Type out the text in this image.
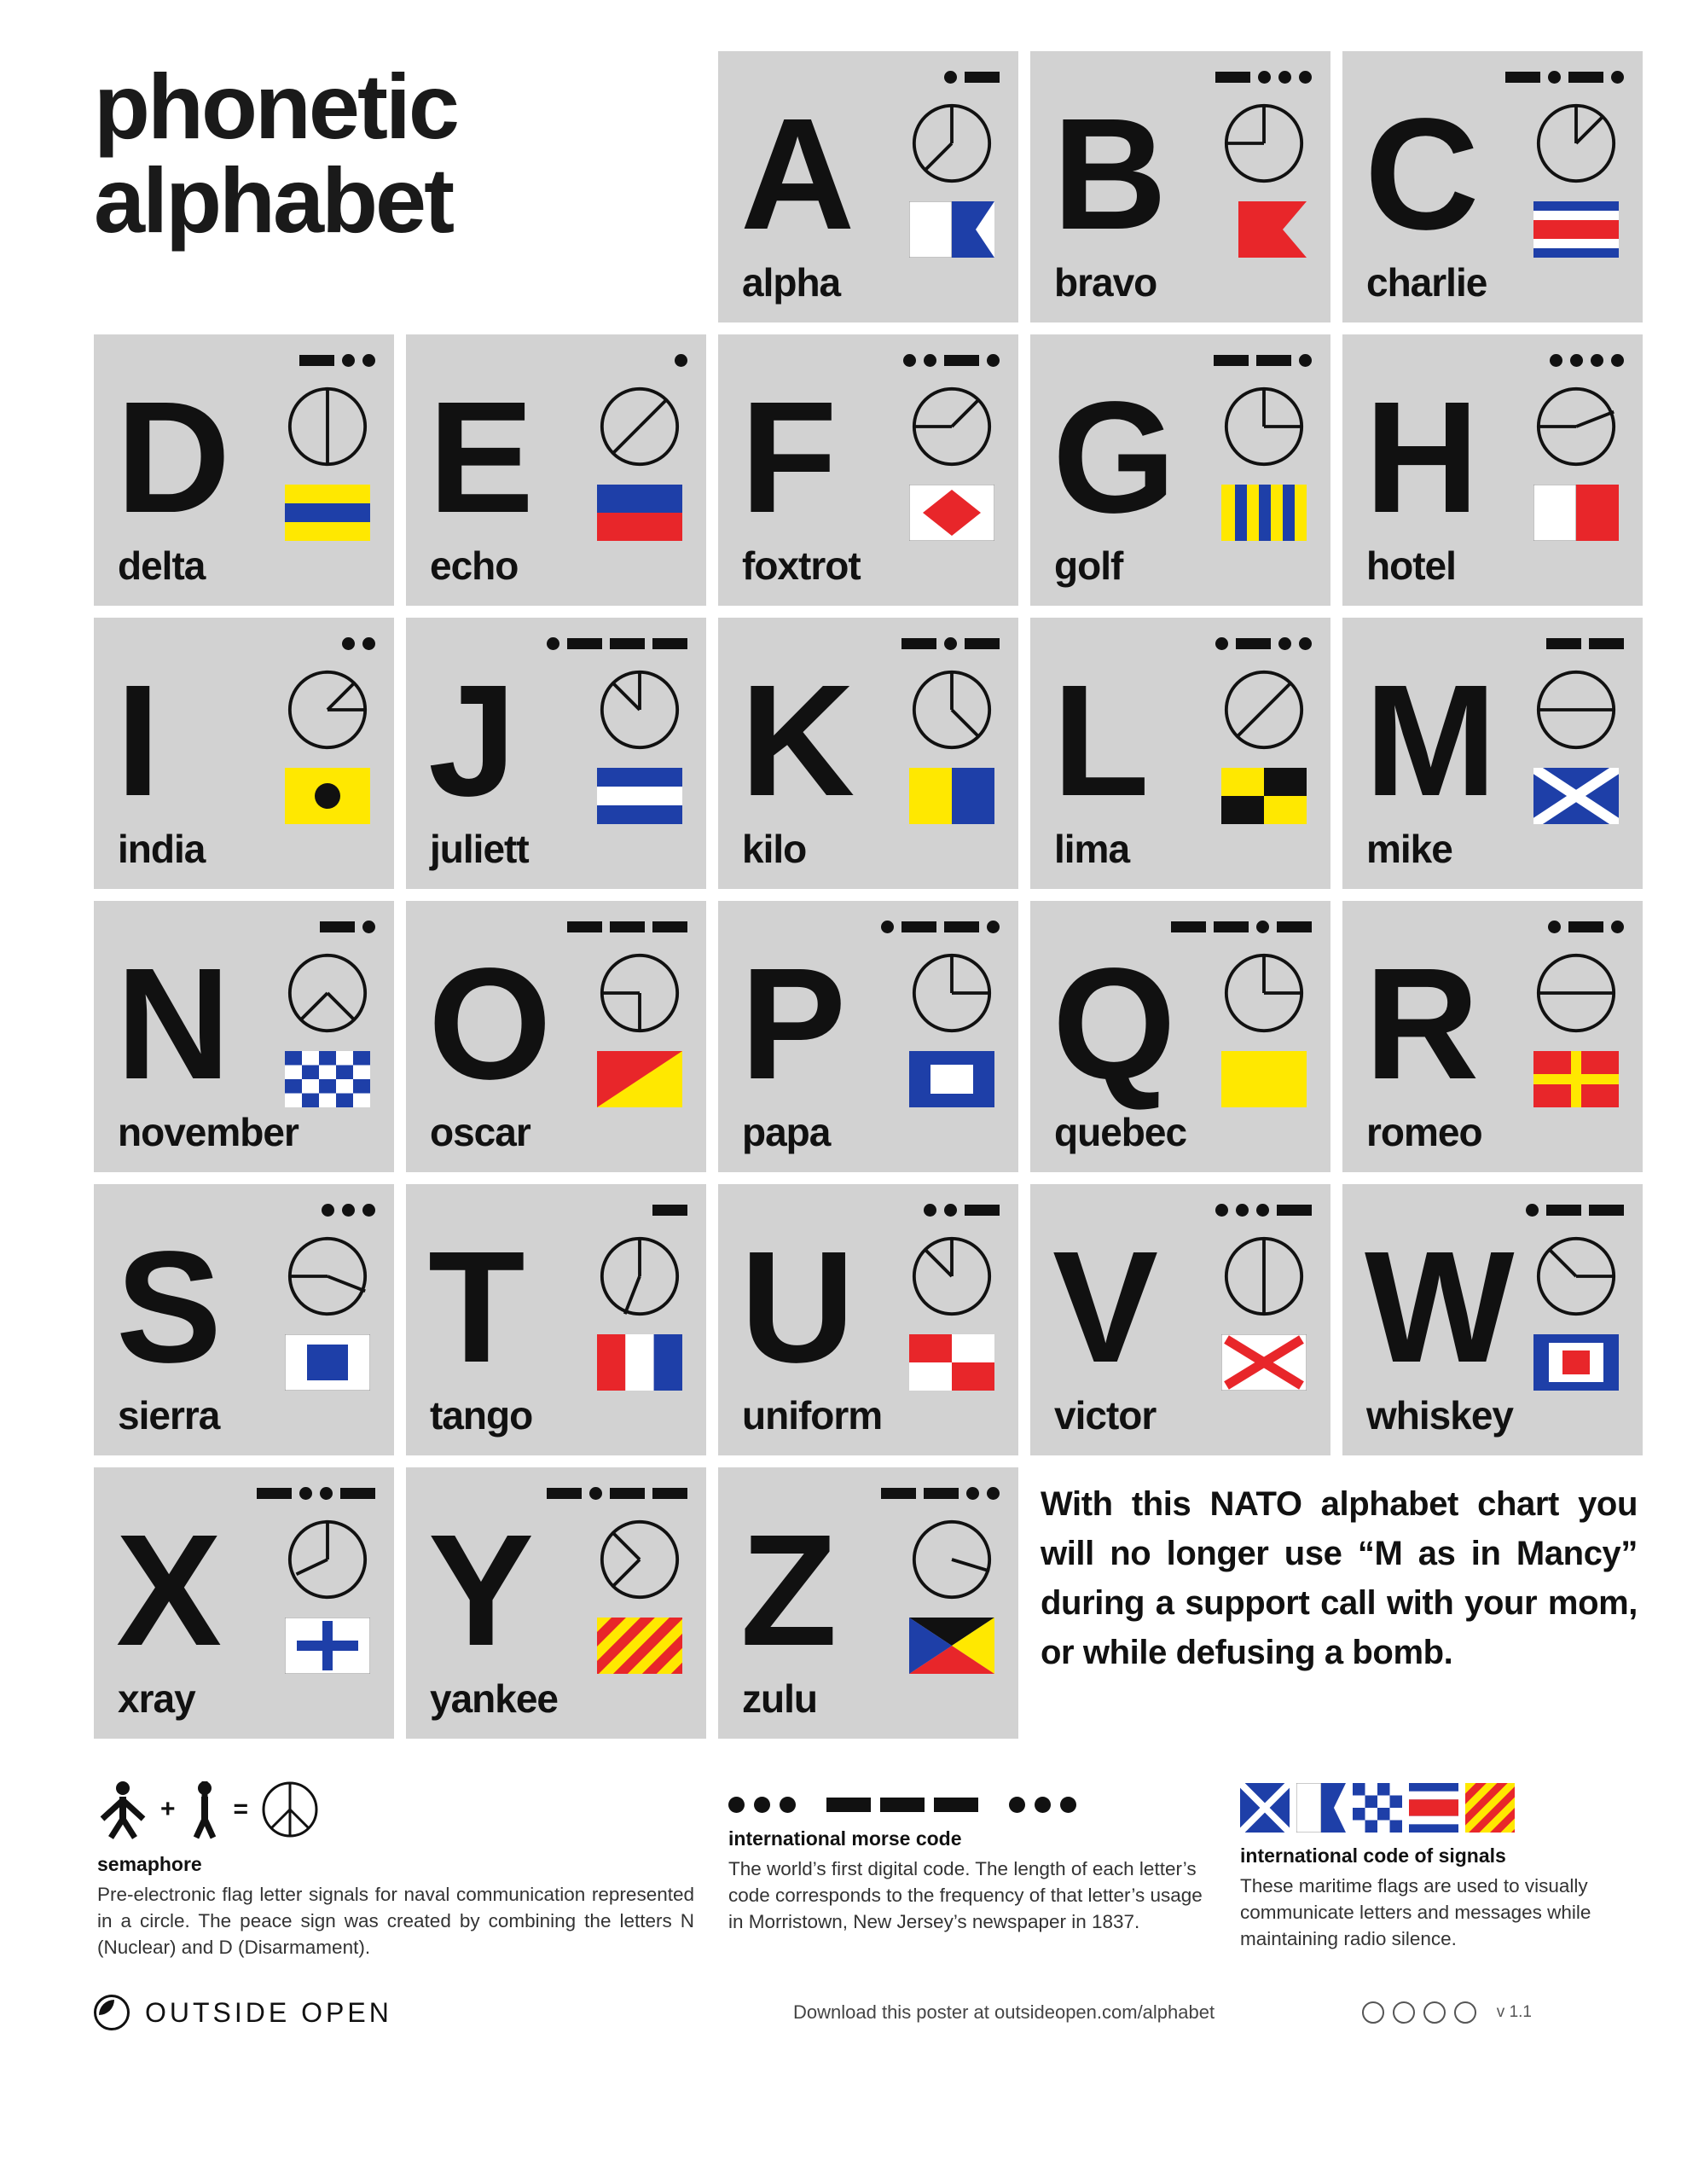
phonetic alphabet	A
alpha
B
bravo
C
charlie
D
delta
E
echo
F
foxtrot
G
golf
H
hotel
I
india
J
juliett
K
kilo
L
lima
M
mike
N
november
O
oscar
P
papa
Q
quebec
R
romeo
S
sierra
T
tango
U
uniform
V
victor
W
whiskey
X
xray
Y
yankee
Z
zulu

With this NATO alphabet chart you will no longer use “M as in Mancy” during a support call with your mom, or while defusing a bomb.

+ =
semaphore
Pre-electronic flag letter signals for naval communication represented in a circle. The peace sign was created by combining the letters N (Nuclear) and D (Disarmament).
international morse code
The world’s first digital code. The length of each letter’s code corresponds to the frequency of that letter’s usage in Morristown, New Jersey’s newspaper in 1837.
international code of signals
These maritime flags are used to visually communicate letters and messages while maintaining radio silence.
OUTSIDE OPEN	Download this poster at outsideopen.com/alphabet	v 1.1
